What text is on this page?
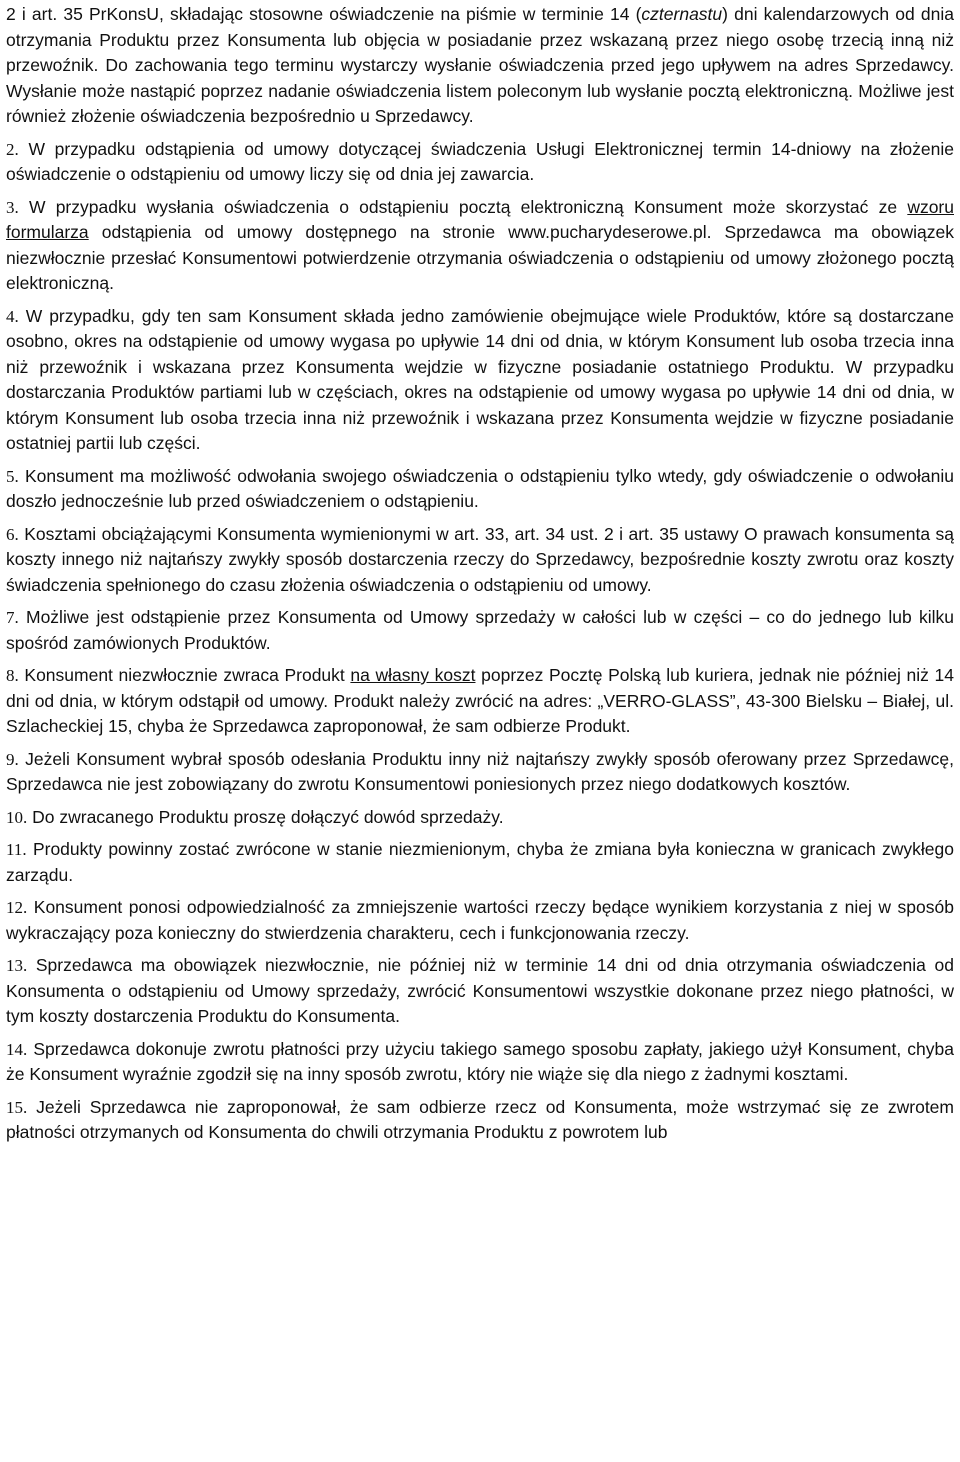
2 i art. 35 PrKonsU, składając stosowne oświadczenie na piśmie w terminie 14 (czternastu) dni kalendarzowych od dnia otrzymania Produktu przez Konsumenta lub objęcia w posiadanie przez wskazaną przez niego osobę trzecią inną niż przewoźnik. Do zachowania tego terminu wystarczy wysłanie oświadczenia przed jego upływem na adres Sprzedawcy. Wysłanie może nastąpić poprzez nadanie oświadczenia listem poleconym lub wysłanie pocztą elektroniczną. Możliwe jest również złożenie oświadczenia bezpośrednio u Sprzedawcy.

2. W przypadku odstąpienia od umowy dotyczącej świadczenia Usługi Elektronicznej termin 14-dniowy na złożenie oświadczenie o odstąpieniu od umowy liczy się od dnia jej zawarcia.

3. W przypadku wysłania oświadczenia o odstąpieniu pocztą elektroniczną Konsument może skorzystać ze wzoru formularza odstąpienia od umowy dostępnego na stronie www.pucharydeserowe.pl. Sprzedawca ma obowiązek niezwłocznie przesłać Konsumentowi potwierdzenie otrzymania oświadczenia o odstąpieniu od umowy złożonego pocztą elektroniczną.

4. W przypadku, gdy ten sam Konsument składa jedno zamówienie obejmujące wiele Produktów, które są dostarczane osobno, okres na odstąpienie od umowy wygasa po upływie 14 dni od dnia, w którym Konsument lub osoba trzecia inna niż przewoźnik i wskazana przez Konsumenta wejdzie w fizyczne posiadanie ostatniego Produktu. W przypadku dostarczania Produktów partiami lub w częściach, okres na odstąpienie od umowy wygasa po upływie 14 dni od dnia, w którym Konsument lub osoba trzecia inna niż przewoźnik i wskazana przez Konsumenta wejdzie w fizyczne posiadanie ostatniej partii lub części.

5. Konsument ma możliwość odwołania swojego oświadczenia o odstąpieniu tylko wtedy, gdy oświadczenie o odwołaniu doszło jednocześnie lub przed oświadczeniem o odstąpieniu.

6. Kosztami obciążającymi Konsumenta wymienionymi w art. 33, art. 34 ust. 2 i art. 35 ustawy O prawach konsumenta są koszty innego niż najtańszy zwykły sposób dostarczenia rzeczy do Sprzedawcy, bezpośrednie koszty zwrotu oraz koszty świadczenia spełnionego do czasu złożenia oświadczenia o odstąpieniu od umowy.

7. Możliwe jest odstąpienie przez Konsumenta od Umowy sprzedaży w całości lub w części – co do jednego lub kilku spośród zamówionych Produktów.

8. Konsument niezwłocznie zwraca Produkt na własny koszt poprzez Pocztę Polską lub kuriera, jednak nie później niż 14 dni od dnia, w którym odstąpił od umowy. Produkt należy zwrócić na adres: „VERRO-GLASS”, 43-300 Bielsku – Białej, ul. Szlacheckiej 15, chyba że Sprzedawca zaproponował, że sam odbierze Produkt.

9. Jeżeli Konsument wybrał sposób odesłania Produktu inny niż najtańszy zwykły sposób oferowany przez Sprzedawcę, Sprzedawca nie jest zobowiązany do zwrotu Konsumentowi poniesionych przez niego dodatkowych kosztów.

10. Do zwracanego Produktu proszę dołączyć dowód sprzedaży.

11. Produkty powinny zostać zwrócone w stanie niezmienionym, chyba że zmiana była konieczna w granicach zwykłego zarządu.

12. Konsument ponosi odpowiedzialność za zmniejszenie wartości rzeczy będące wynikiem korzystania z niej w sposób wykraczający poza konieczny do stwierdzenia charakteru, cech i funkcjonowania rzeczy.

13. Sprzedawca ma obowiązek niezwłocznie, nie później niż w terminie 14 dni od dnia otrzymania oświadczenia od Konsumenta o odstąpieniu od Umowy sprzedaży, zwrócić Konsumentowi wszystkie dokonane przez niego płatności, w tym koszty dostarczenia Produktu do Konsumenta.

14. Sprzedawca dokonuje zwrotu płatności przy użyciu takiego samego sposobu zapłaty, jakiego użył Konsument, chyba że Konsument wyraźnie zgodził się na inny sposób zwrotu, który nie wiąże się dla niego z żadnymi kosztami.

15. Jeżeli Sprzedawca nie zaproponował, że sam odbierze rzecz od Konsumenta, może wstrzymać się ze zwrotem płatności otrzymanych od Konsumenta do chwili otrzymania Produktu z powrotem lub
